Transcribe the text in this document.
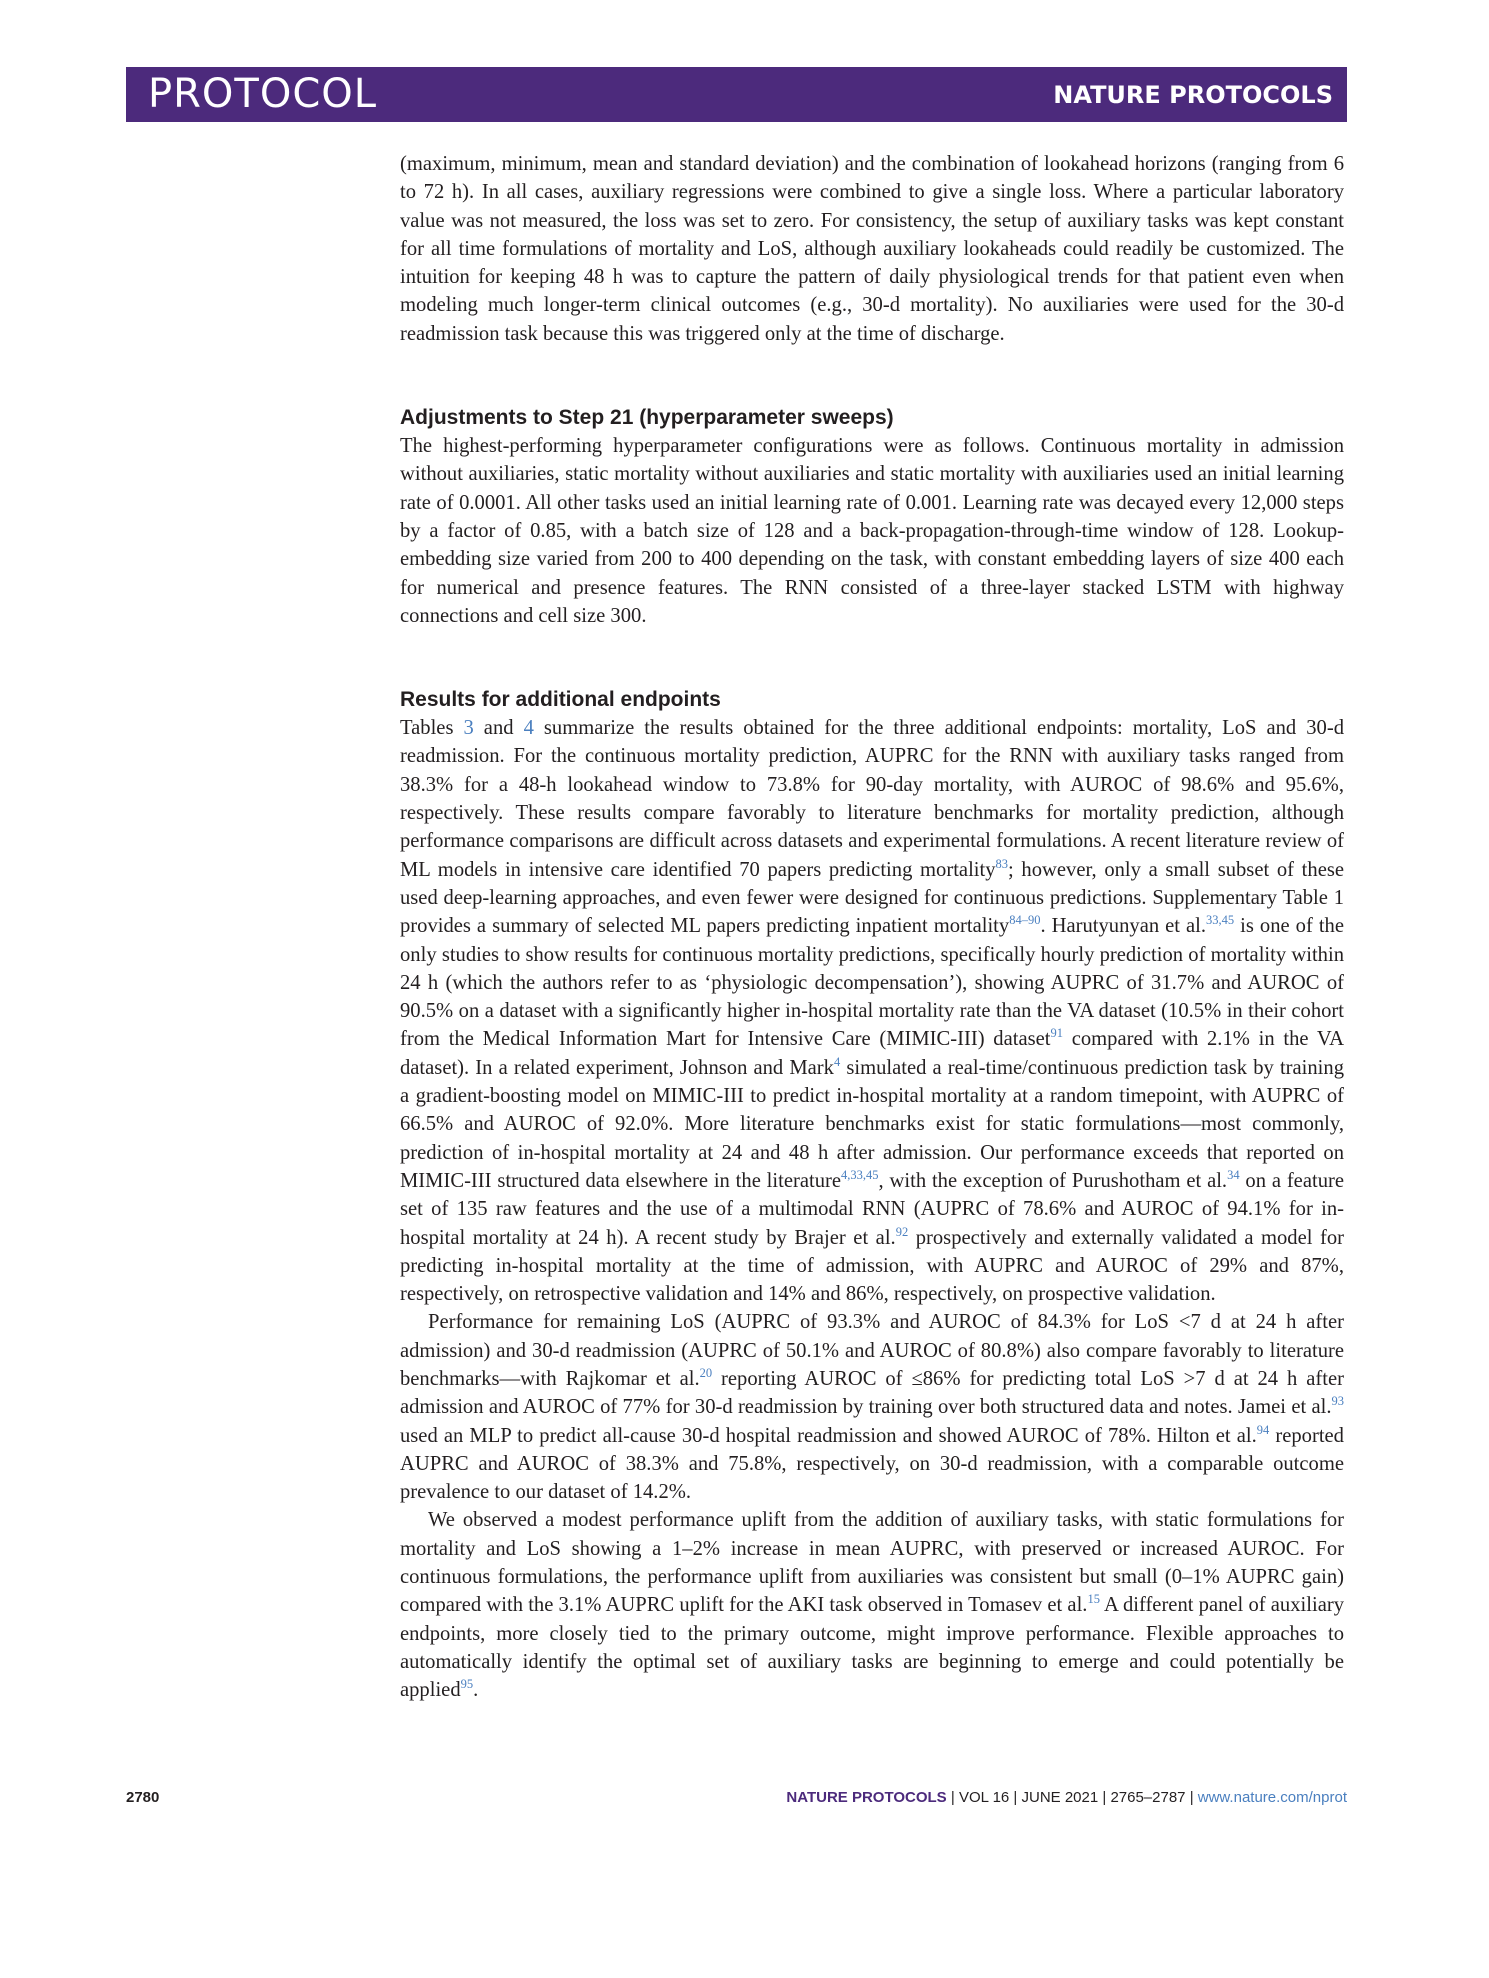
PROTOCOL	NATURE PROTOCOLS

(maximum, minimum, mean and standard deviation) and the combination of lookahead horizons (ranging from 6 to 72 h). In all cases, auxiliary regressions were combined to give a single loss. Where a particular laboratory value was not measured, the loss was set to zero. For consistency, the setup of auxiliary tasks was kept constant for all time formulations of mortality and LoS, although auxiliary lookaheads could readily be customized. The intuition for keeping 48 h was to capture the pattern of daily physiological trends for that patient even when modeling much longer-term clinical outcomes (e.g., 30-d mortality). No auxiliaries were used for the 30-d readmission task because this was triggered only at the time of discharge.

Adjustments to Step 21 (hyperparameter sweeps)

The highest-performing hyperparameter configurations were as follows. Continuous mortality in admission without auxiliaries, static mortality without auxiliaries and static mortality with auxiliaries used an initial learning rate of 0.0001. All other tasks used an initial learning rate of 0.001. Learning rate was decayed every 12,000 steps by a factor of 0.85, with a batch size of 128 and a back-propagation-through-time window of 128. Lookup-embedding size varied from 200 to 400 depending on the task, with constant embedding layers of size 400 each for numerical and presence features. The RNN consisted of a three-layer stacked LSTM with highway connections and cell size 300.

Results for additional endpoints

Tables 3 and 4 summarize the results obtained for the three additional endpoints: mortality, LoS and 30-d readmission. For the continuous mortality prediction, AUPRC for the RNN with auxiliary tasks ranged from 38.3% for a 48-h lookahead window to 73.8% for 90-day mortality, with AUROC of 98.6% and 95.6%, respectively. These results compare favorably to literature benchmarks for mortality prediction, although performance comparisons are difficult across datasets and experimental formulations. A recent literature review of ML models in intensive care identified 70 papers predicting mortality$^{83}$; however, only a small subset of these used deep-learning approaches, and even fewer were designed for continuous predictions. Supplementary Table 1 provides a summary of selected ML papers predicting inpatient mortality$^{84-90}$. Harutyunyan et al.$^{33,45}$ is one of the only studies to show results for continuous mortality predictions, specifically hourly prediction of mortality within 24 h (which the authors refer to as ‘physiologic decompensation’), showing AUPRC of 31.7% and AUROC of 90.5% on a dataset with a significantly higher in-hospital mortality rate than the VA dataset (10.5% in their cohort from the Medical Information Mart for Intensive Care (MIMIC-III) dataset$^{91}$ compared with 2.1% in the VA dataset). In a related experiment, Johnson and Mark$^4$ simulated a real-time/continuous prediction task by training a gradient-boosting model on MIMIC-III to predict in-hospital mortality at a random timepoint, with AUPRC of 66.5% and AUROC of 92.0%. More literature benchmarks exist for static formulations—most commonly, prediction of in-hospital mortality at 24 and 48 h after admission. Our performance exceeds that reported on MIMIC-III structured data elsewhere in the literature$^{4,33,45}$, with the exception of Purushotham et al.$^{34}$ on a feature set of 135 raw features and the use of a multimodal RNN (AUPRC of 78.6% and AUROC of 94.1% for in-hospital mortality at 24 h). A recent study by Brajer et al.$^{92}$ prospectively and externally validated a model for predicting in-hospital mortality at the time of admission, with AUPRC and AUROC of 29% and 87%, respectively, on retrospective validation and 14% and 86%, respectively, on prospective validation.

Performance for remaining LoS (AUPRC of 93.3% and AUROC of 84.3% for LoS <7 d at 24 h after admission) and 30-d readmission (AUPRC of 50.1% and AUROC of 80.8%) also compare favorably to literature benchmarks—with Rajkomar et al.$^{20}$ reporting AUROC of ≤86% for predicting total LoS >7 d at 24 h after admission and AUROC of 77% for 30-d readmission by training over both structured data and notes. Jamei et al.$^{93}$ used an MLP to predict all-cause 30-d hospital readmission and showed AUROC of 78%. Hilton et al.$^{94}$ reported AUPRC and AUROC of 38.3% and 75.8%, respectively, on 30-d readmission, with a comparable outcome prevalence to our dataset of 14.2%.

We observed a modest performance uplift from the addition of auxiliary tasks, with static formulations for mortality and LoS showing a 1–2% increase in mean AUPRC, with preserved or increased AUROC. For continuous formulations, the performance uplift from auxiliaries was consistent but small (0–1% AUPRC gain) compared with the 3.1% AUPRC uplift for the AKI task observed in Tomasev et al.$^{15}$ A different panel of auxiliary endpoints, more closely tied to the primary outcome, might improve performance. Flexible approaches to automatically identify the optimal set of auxiliary tasks are beginning to emerge and could potentially be applied$^{95}$.

2780	NATURE PROTOCOLS | VOL 16 | JUNE 2021 | 2765–2787 | www.nature.com/nprot
